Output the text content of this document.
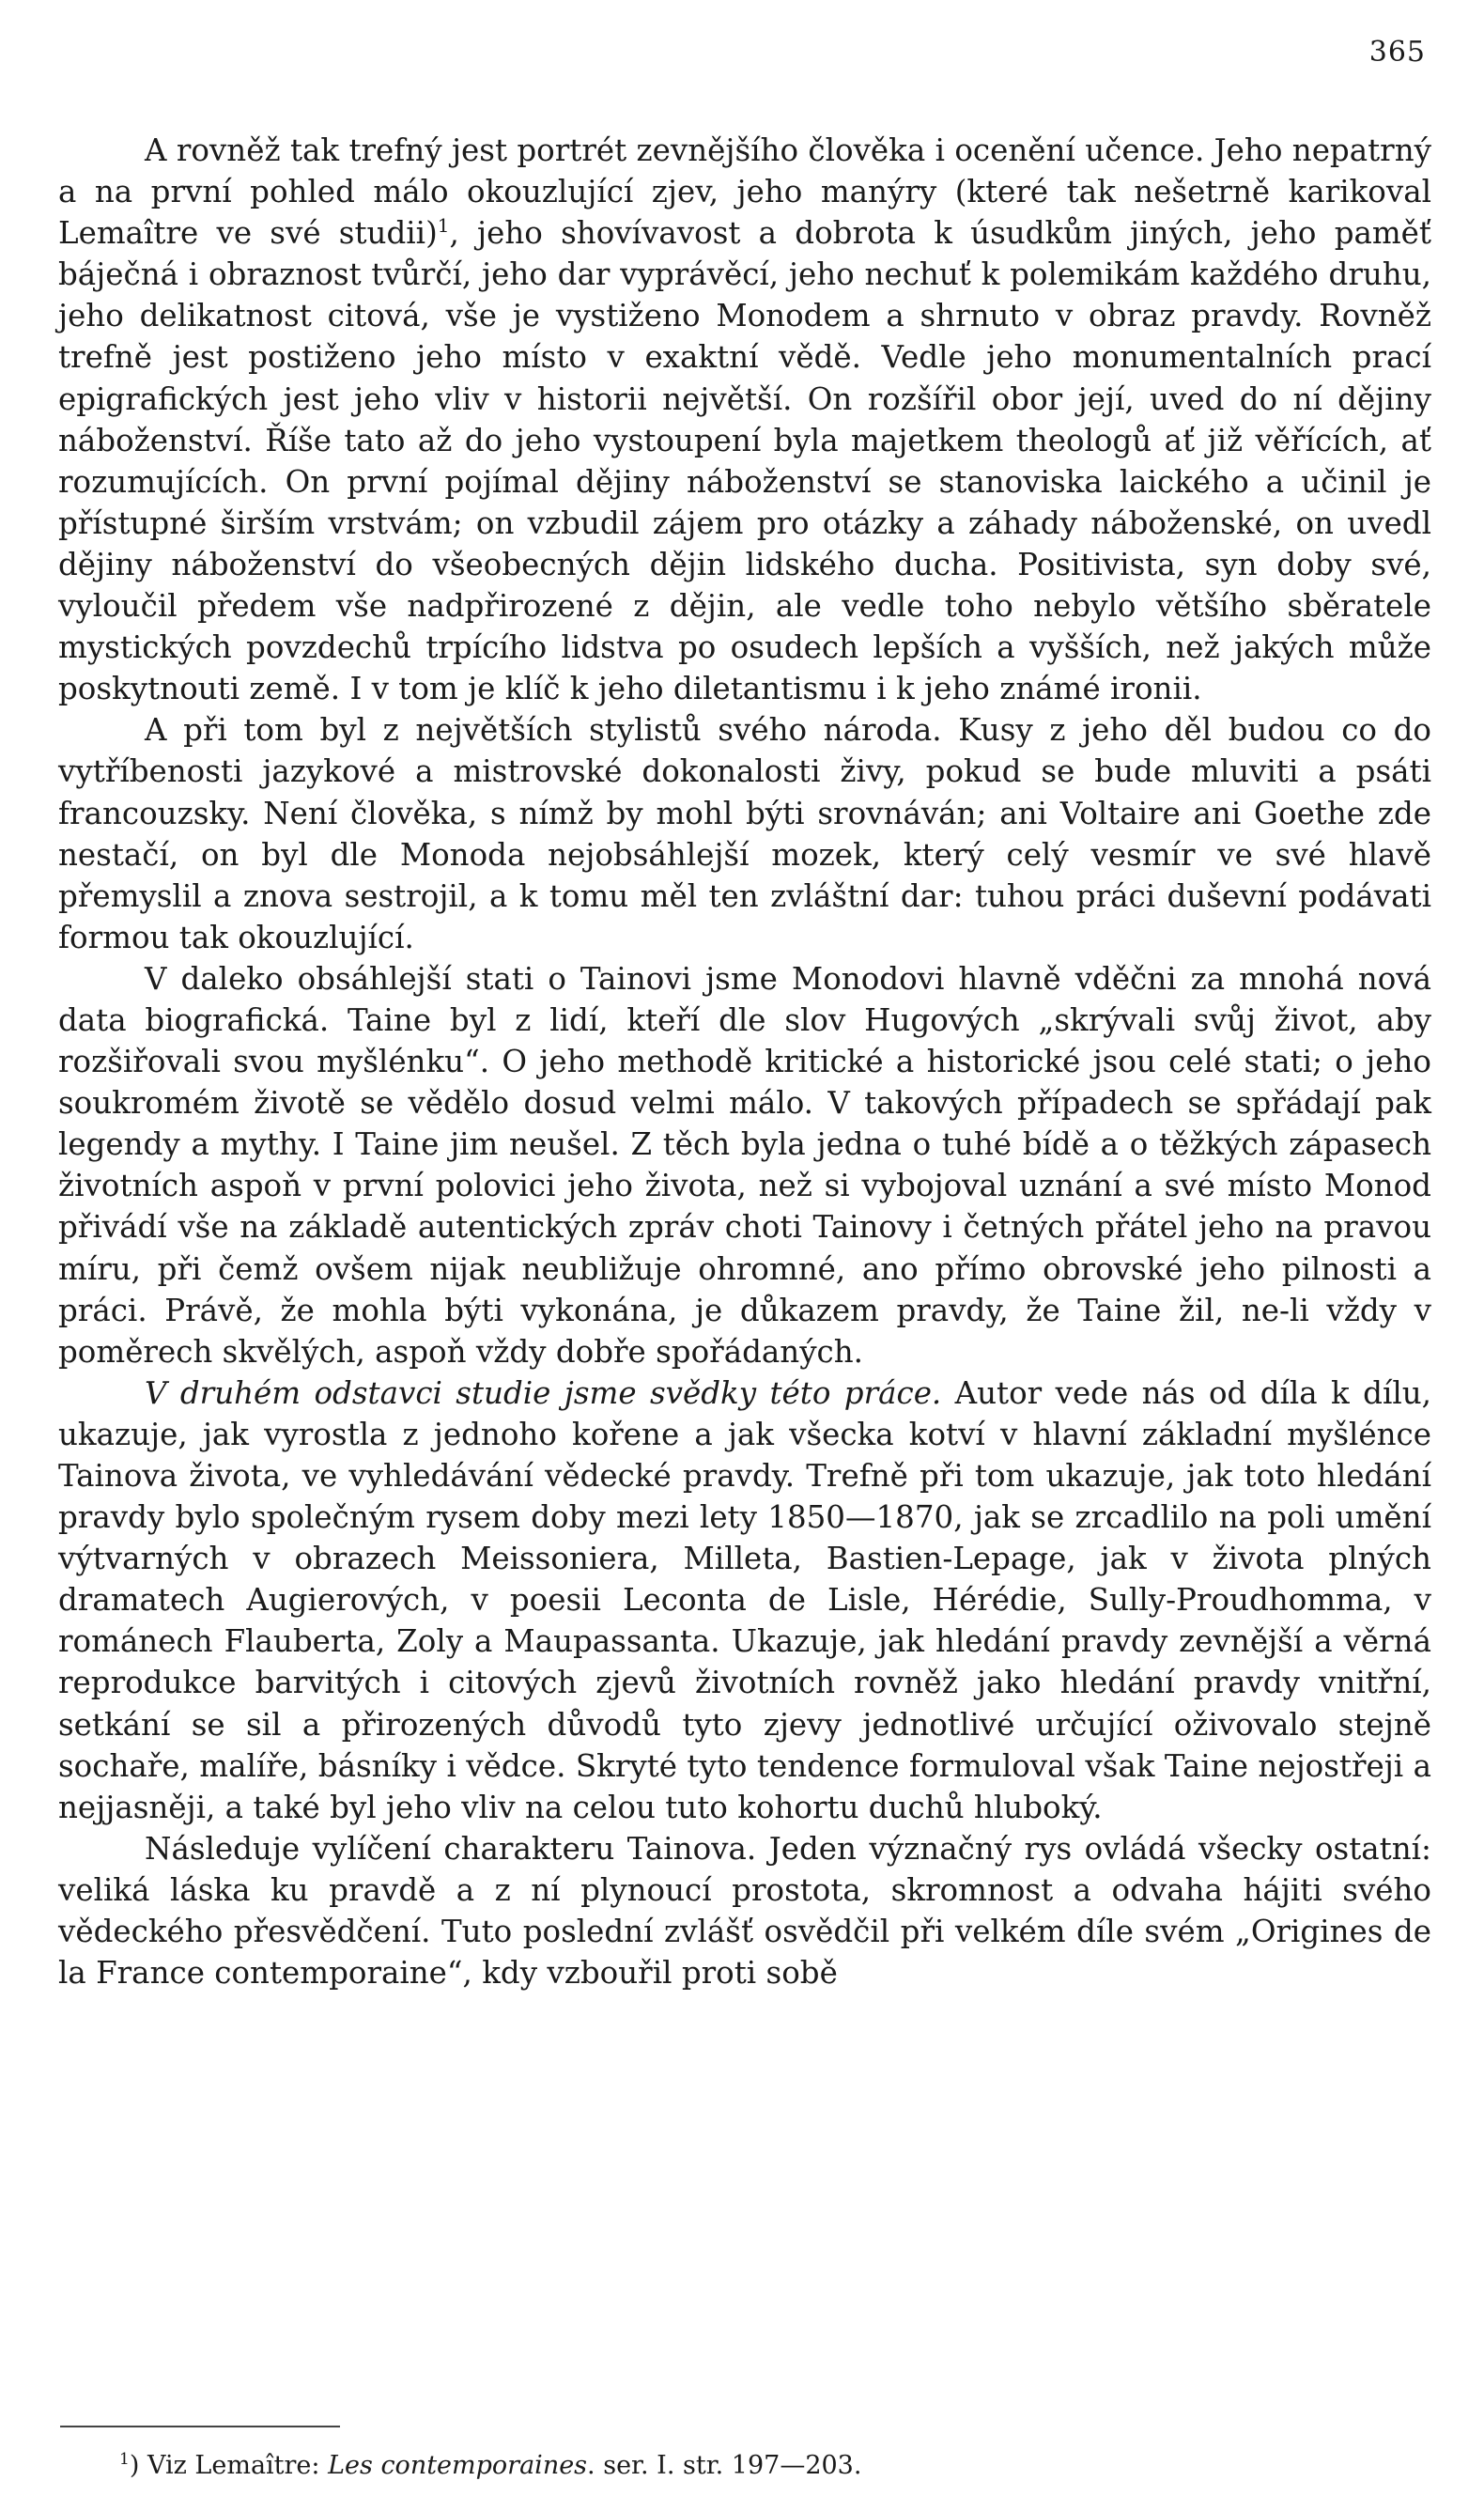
365

A rovněž tak trefný jest portrét zevnějšího člověka i ocenění učence. Jeho nepatrný a na první pohled málo okouzlující zjev, jeho manýry (které tak nešetrně karikoval Lemaître ve své studii)$^1$, jeho shovívavost a dobrota k úsudkům jiných, jeho paměť báječná i obraznost tvůrčí, jeho dar vyprávěcí, jeho nechuť k polemikám každého druhu, jeho delikatnost citová, vše je vystiženo Monodem a shrnuto v obraz pravdy. Rovněž trefně jest postiženo jeho místo v exaktní vědě. Vedle jeho monumentalních prací epigrafických jest jeho vliv v historii největší. On rozšířil obor její, uved do ní dějiny náboženství. Říše tato až do jeho vystoupení byla majetkem theologů ať již věřících, ať rozumujících. On první pojímal dějiny náboženství se stanoviska laického a učinil je přístupné širším vrstvám; on vzbudil zájem pro otázky a záhady náboženské, on uvedl dějiny náboženství do všeobecných dějin lidského ducha. Positivista, syn doby své, vyloučil předem vše nadpřirozené z dějin, ale vedle toho nebylo většího sběratele mystických povzdechů trpícího lidstva po osudech lepších a vyšších, než jakých může poskytnouti země. I v tom je klíč k jeho diletantismu i k jeho známé ironii.

A při tom byl z největších stylistů svého národa. Kusy z jeho děl budou co do vytříbenosti jazykové a mistrovské dokonalosti živy, pokud se bude mluviti a psáti francouzsky. Není člověka, s nímž by mohl býti srovnáván; ani Voltaire ani Goethe zde nestačí, on byl dle Monoda nejobsáhlejší mozek, který celý vesmír ve své hlavě přemyslil a znova sestrojil, a k tomu měl ten zvláštní dar: tuhou práci duševní podávati formou tak okouzlující.

V daleko obsáhlejší stati o Tainovi jsme Monodovi hlavně vděčni za mnohá nová data biografická. Taine byl z lidí, kteří dle slov Hugových „skrývali svůj život, aby rozšiřovali svou myšlénku“. O jeho methodě kritické a historické jsou celé stati; o jeho soukromém životě se vědělo dosud velmi málo. V takových případech se spřádají pak legendy a mythy. I Taine jim neušel. Z těch byla jedna o tuhé bídě a o těžkých zápasech životních aspoň v první polovici jeho života, než si vybojoval uznání a své místo Monod přivádí vše na základě autentických zpráv choti Tainovy i četných přátel jeho na pravou míru, při čemž ovšem nijak neubližuje ohromné, ano přímo obrovské jeho pilnosti a práci. Právě, že mohla býti vykonána, je důkazem pravdy, že Taine žil, ne-li vždy v poměrech skvělých, aspoň vždy dobře spořádaných.

V druhém odstavci studie jsme svědky této práce. Autor vede nás od díla k dílu, ukazuje, jak vyrostla z jednoho kořene a jak všecka kotví v hlavní základní myšlénce Tainova života, ve vyhledávání vědecké pravdy. Trefně při tom ukazuje, jak toto hledání pravdy bylo společným rysem doby mezi lety 1850—1870, jak se zrcadlilo na poli umění výtvarných v obrazech Meissoniera, Milleta, Bastien-Lepage, jak v života plných dramatech Augierových, v poesii Leconta de Lisle, Hérédie, Sully-Proudhomma, v románech Flauberta, Zoly a Maupassanta. Ukazuje, jak hledání pravdy zevnější a věrná reprodukce barvitých i citových zjevů životních rovněž jako hledání pravdy vnitřní, setkání se sil a přirozených důvodů tyto zjevy jednotlivé určující oživovalo stejně sochaře, malíře, básníky i vědce. Skryté tyto tendence formuloval však Taine nejostřeji a nejjasněji, a také byl jeho vliv na celou tuto kohortu duchů hluboký.

Následuje vylíčení charakteru Tainova. Jeden význačný rys ovládá všecky ostatní: veliká láska ku pravdě a z ní plynoucí prostota, skromnost a odvaha hájiti svého vědeckého přesvědčení. Tuto poslední zvlášť osvědčil při velkém díle svém „Origines de la France contemporaine“, kdy vzbouřil proti sobě

$^1$) Viz Lemaître: Les contemporaines. ser. I. str. 197—203.
